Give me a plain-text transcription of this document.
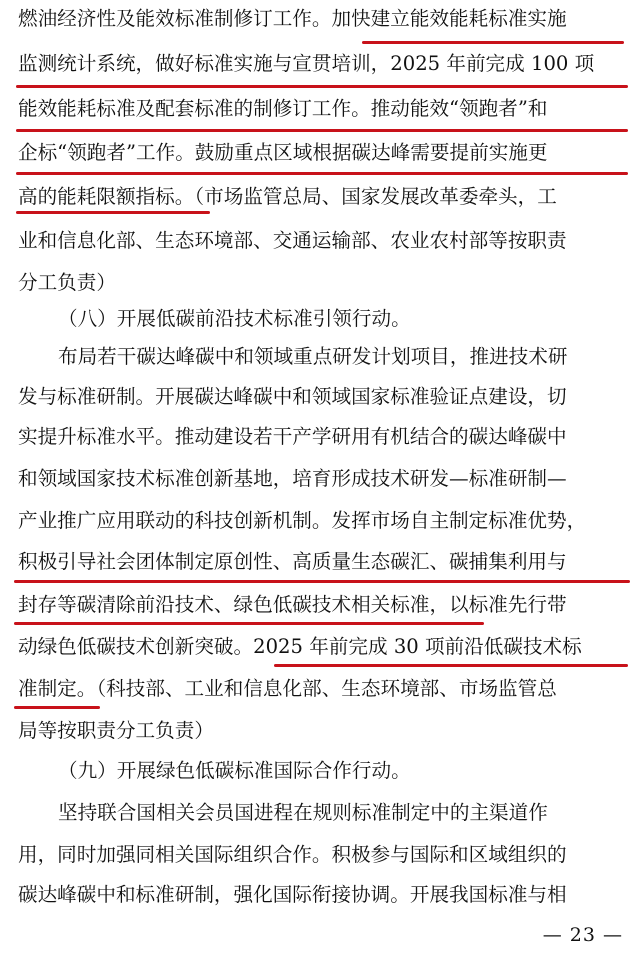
燃油经济性及能效标准制修订工作。加快建立能效能耗标准实施
监测统计系统，做好标准实施与宣贯培训，2025 年前完成 100 项
能效能耗标准及配套标准的制修订工作。推动能效“领跑者”和
企标“领跑者”工作。鼓励重点区域根据碳达峰需要提前实施更
高的能耗限额指标。（市场监管总局、国家发展改革委牵头，工
业和信息化部、生态环境部、交通运输部、农业农村部等按职责
分工负责）
（八）开展低碳前沿技术标准引领行动。
布局若干碳达峰碳中和领域重点研发计划项目，推进技术研
发与标准研制。开展碳达峰碳中和领域国家标准验证点建设，切
实提升标准水平。推动建设若干产学研用有机结合的碳达峰碳中
和领域国家技术标准创新基地，培育形成技术研发—标准研制—
产业推广应用联动的科技创新机制。发挥市场自主制定标准优势，
积极引导社会团体制定原创性、高质量生态碳汇、碳捕集利用与
封存等碳清除前沿技术、绿色低碳技术相关标准，以标准先行带
动绿色低碳技术创新突破。2025 年前完成 30 项前沿低碳技术标
准制定。（科技部、工业和信息化部、生态环境部、市场监管总
局等按职责分工负责）
（九）开展绿色低碳标准国际合作行动。
坚持联合国相关会员国进程在规则标准制定中的主渠道作
用，同时加强同相关国际组织合作。积极参与国际和区域组织的
碳达峰碳中和标准研制，强化国际衔接协调。开展我国标准与相
— 23 —
